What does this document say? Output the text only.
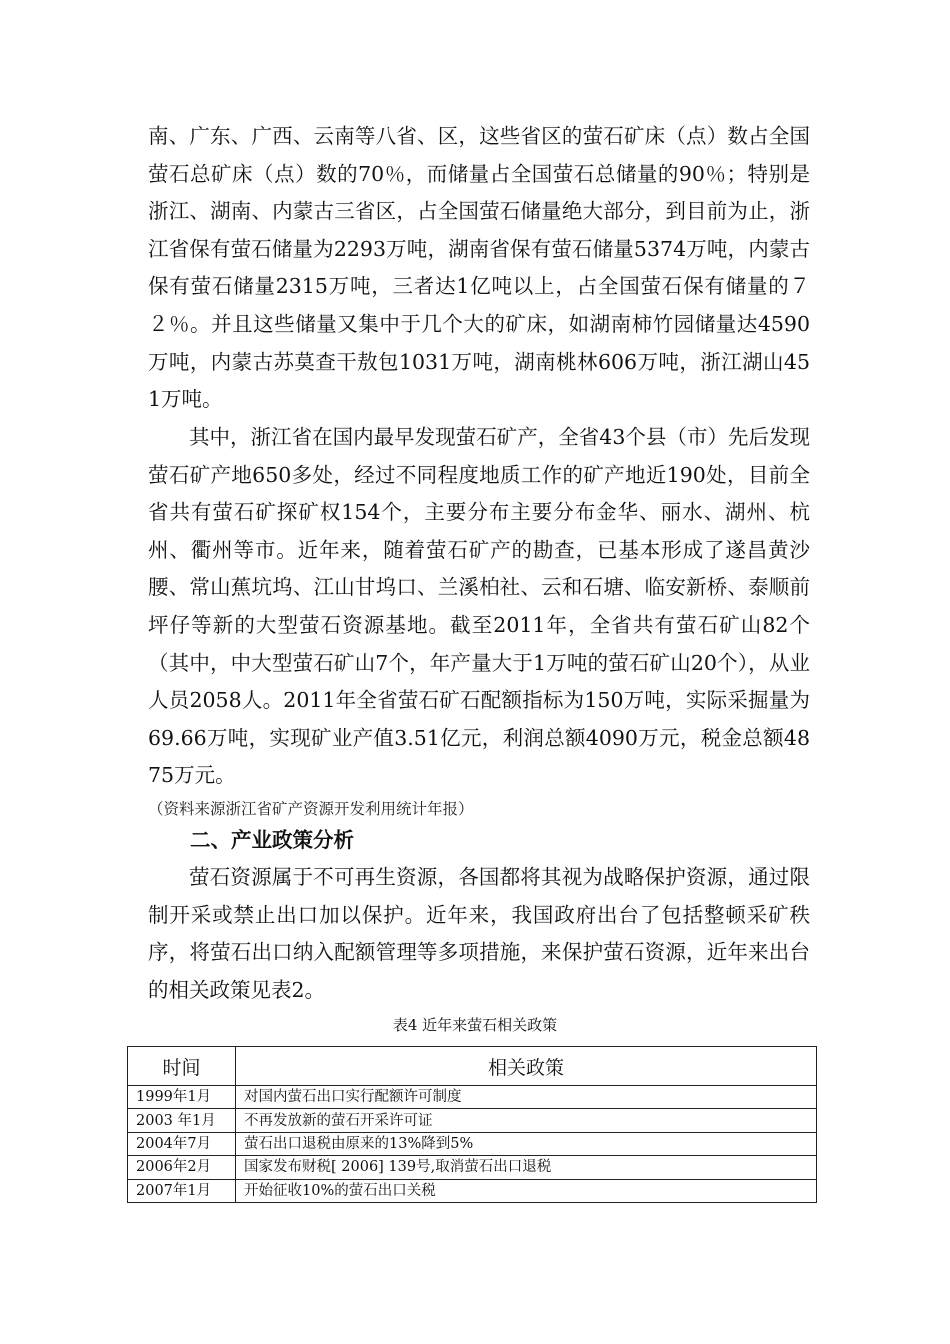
南、广东、广西、云南等八省、区，这些省区的萤石矿床（点）数占全国萤石总矿床（点）数的70％，而储量占全国萤石总储量的90％；特别是浙江、湖南、内蒙古三省区，占全国萤石储量绝大部分，到目前为止，浙江省保有萤石储量为2293万吨，湖南省保有萤石储量5374万吨，内蒙古保有萤石储量2315万吨，三者达1亿吨以上，占全国萤石保有储量的７２％。并且这些储量又集中于几个大的矿床，如湖南柿竹园储量达4590万吨，内蒙古苏莫查干敖包1031万吨，湖南桃林606万吨，浙江湖山451万吨。

其中，浙江省在国内最早发现萤石矿产，全省43个县（市）先后发现萤石矿产地650多处，经过不同程度地质工作的矿产地近190处，目前全省共有萤石矿探矿权154个，主要分布主要分布金华、丽水、湖州、杭州、衢州等市。近年来，随着萤石矿产的勘查，已基本形成了遂昌黄沙腰、常山蕉坑坞、江山甘坞口、兰溪柏社、云和石塘、临安新桥、泰顺前坪仔等新的大型萤石资源基地。截至2011年，全省共有萤石矿山82个（其中，中大型萤石矿山7个，年产量大于1万吨的萤石矿山20个），从业人员2058人。2011年全省萤石矿石配额指标为150万吨，实际采掘量为69.66万吨，实现矿业产值3.51亿元，利润总额4090万元，税金总额4875万元。

（资料来源浙江省矿产资源开发利用统计年报）
二、产业政策分析

萤石资源属于不可再生资源，各国都将其视为战略保护资源，通过限制开采或禁止出口加以保护。近年来，我国政府出台了包括整顿采矿秩序，将萤石出口纳入配额管理等多项措施，来保护萤石资源，近年来出台的相关政策见表2。

表4 近年来萤石相关政策
时间	相关政策
1999年1月	对国内萤石出口实行配额许可制度
2003 年1月	不再发放新的萤石开采许可证
2004年7月	萤石出口退税由原来的13%降到5%
2006年2月	国家发布财税[ 2006] 139号,取消萤石出口退税
2007年1月	开始征收10%的萤石出口关税
